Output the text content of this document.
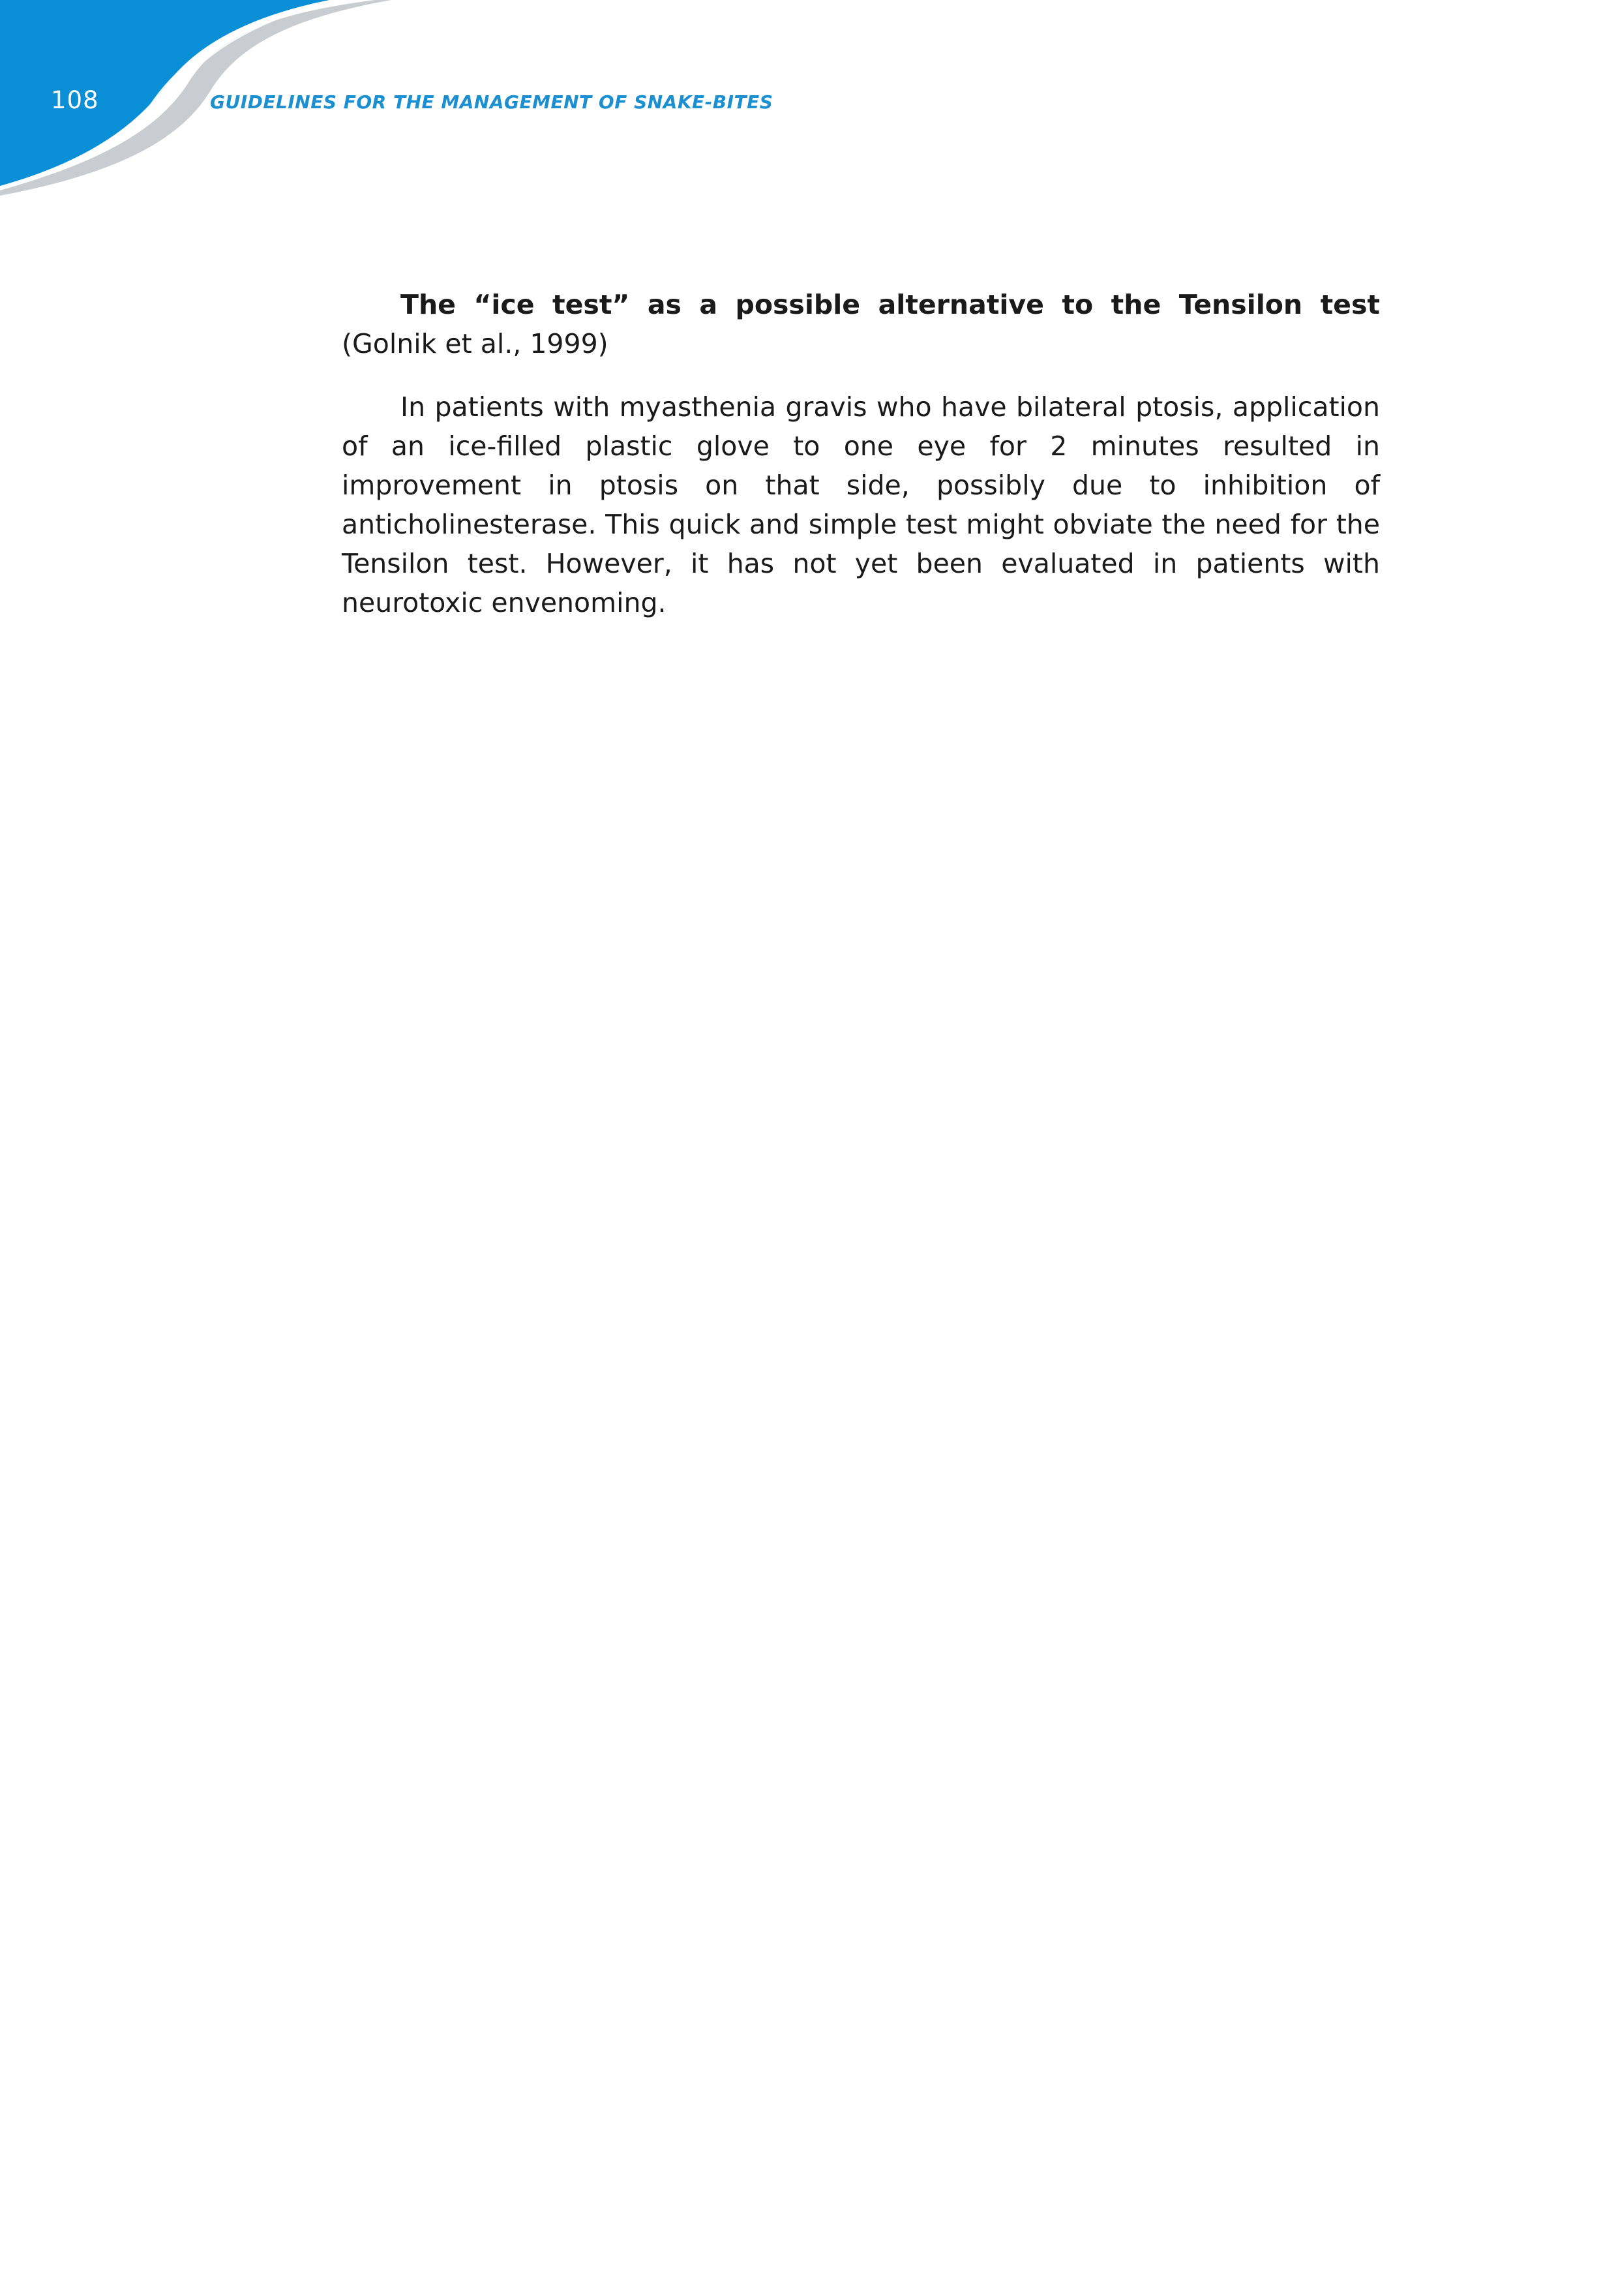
108	GUIDELINES FOR THE MANAGEMENT OF SNAKE-BITES

The “ice test” as a possible alternative to the Tensilon test (Golnik et al., 1999)

In patients with myasthenia gravis who have bilateral ptosis, application of an ice-filled plastic glove to one eye for 2 minutes resulted in improvement in ptosis on that side, possibly due to inhibition of anticholinesterase. This quick and simple test might obviate the need for the Tensilon test. However, it has not yet been evaluated in patients with neurotoxic envenoming.
